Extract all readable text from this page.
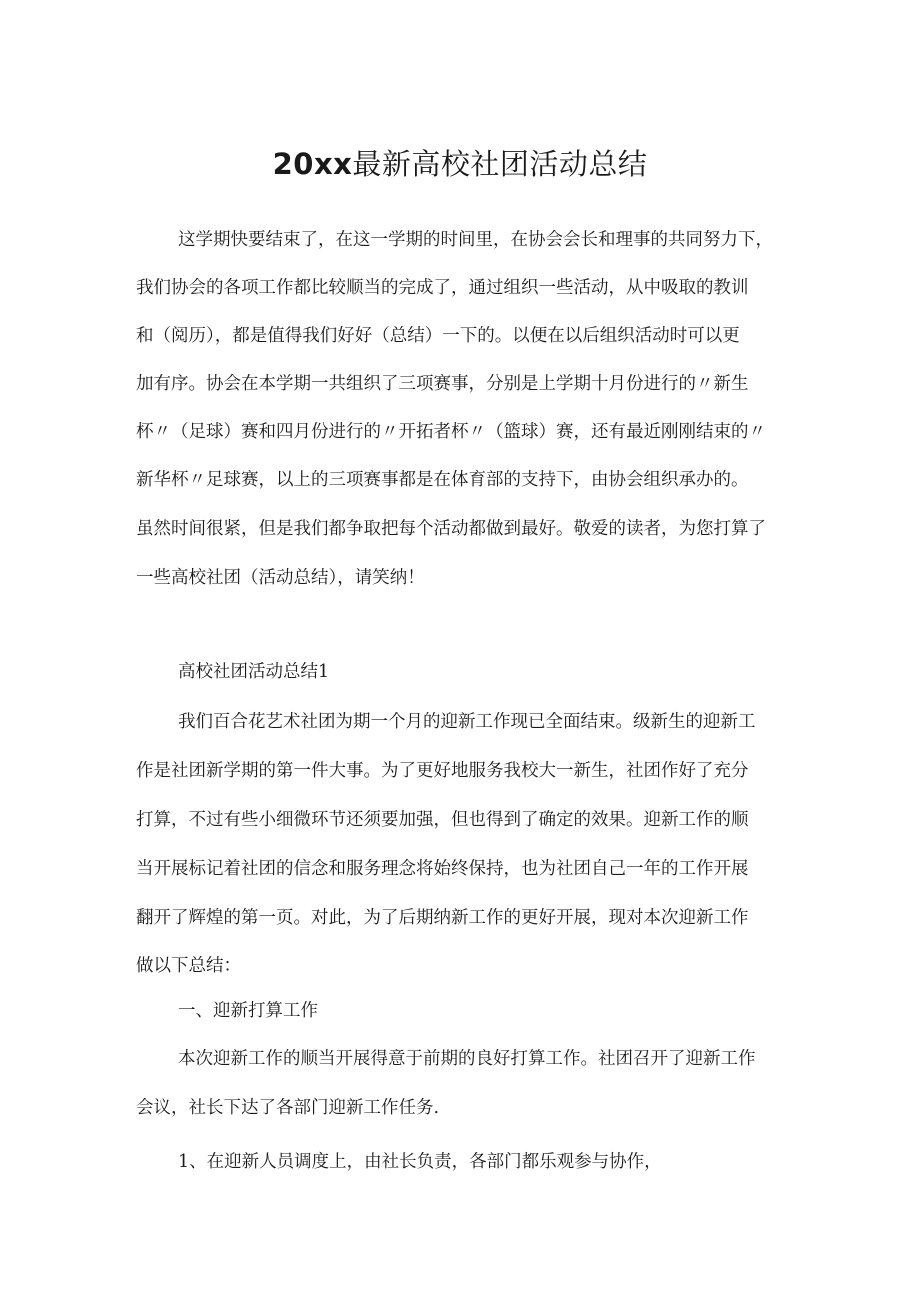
20xx最新高校社团活动总结

这学期快要结束了，在这一学期的时间里，在协会会长和理事的共同努力下，

我们协会的各项工作都比较顺当的完成了，通过组织一些活动，从中吸取的教训

和（阅历），都是值得我们好好（总结）一下的。以便在以后组织活动时可以更

加有序。协会在本学期一共组织了三项赛事，分别是上学期十月份进行的〃新生

杯〃（足球）赛和四月份进行的〃开拓者杯〃（篮球）赛，还有最近刚刚结束的〃

新华杯〃足球赛，以上的三项赛事都是在体育部的支持下，由协会组织承办的。

虽然时间很紧，但是我们都争取把每个活动都做到最好。敬爱的读者，为您打算了

一些高校社团（活动总结），请笑纳！

高校社团活动总结1

我们百合花艺术社团为期一个月的迎新工作现已全面结束。级新生的迎新工

作是社团新学期的第一件大事。为了更好地服务我校大一新生，社团作好了充分

打算，不过有些小细微环节还须要加强，但也得到了确定的效果。迎新工作的顺

当开展标记着社团的信念和服务理念将始终保持，也为社团自己一年的工作开展

翻开了辉煌的第一页。对此，为了后期纳新工作的更好开展，现对本次迎新工作

做以下总结：

一、迎新打算工作

本次迎新工作的顺当开展得意于前期的良好打算工作。社团召开了迎新工作

会议，社长下达了各部门迎新工作任务.

1、在迎新人员调度上，由社长负责，各部门都乐观参与协作，
